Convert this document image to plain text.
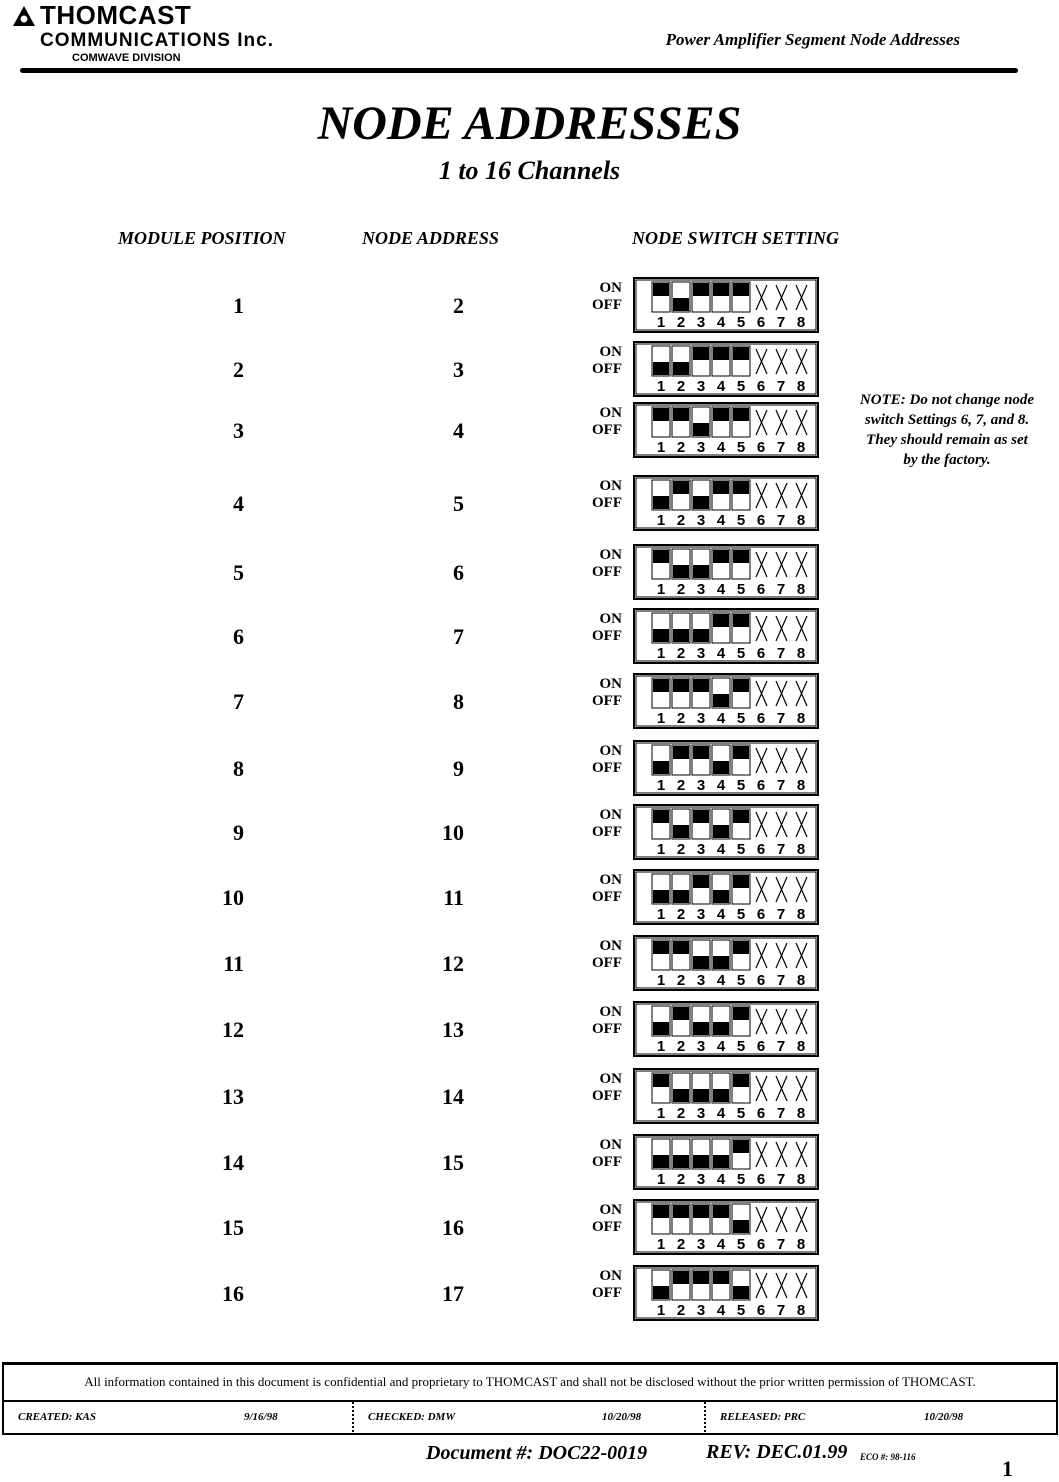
THOMCAST
COMMUNICATIONS Inc.
COMWAVE DIVISION
Power Amplifier Segment Node Addresses
NODE ADDRESSES
1 to 16 Channels
MODULE POSITION	NODE ADDRESS	NODE SWITCH SETTING
1	2
ON
OFF
1 2 3 4 5 6 7 8
2	3
ON
OFF
1 2 3 4 5 6 7 8
3	4
ON
OFF
1 2 3 4 5 6 7 8
4	5
ON
OFF
1 2 3 4 5 6 7 8
5	6
ON
OFF
1 2 3 4 5 6 7 8
6	7
ON
OFF
1 2 3 4 5 6 7 8
7	8
ON
OFF
1 2 3 4 5 6 7 8
8	9
ON
OFF
1 2 3 4 5 6 7 8
9	10
ON
OFF
1 2 3 4 5 6 7 8
10	11
ON
OFF
1 2 3 4 5 6 7 8
11	12
ON
OFF
1 2 3 4 5 6 7 8
12	13
ON
OFF
1 2 3 4 5 6 7 8
13	14
ON
OFF
1 2 3 4 5 6 7 8
14	15
ON
OFF
1 2 3 4 5 6 7 8
15	16
ON
OFF
1 2 3 4 5 6 7 8
16	17
ON
OFF
1 2 3 4 5 6 7 8
NOTE: Do not change node switch Settings 6, 7, and 8. They should remain as set by the factory.
All information contained in this document is confidential and proprietary to THOMCAST and shall not be disclosed without the prior written permission of THOMCAST.
CREATED: KAS	9/16/98	CHECKED: DMW	10/20/98	RELEASED: PRC	10/20/98
Document #: DOC22-0019	REV: DEC.01.99 ECO #: 98-116	1
